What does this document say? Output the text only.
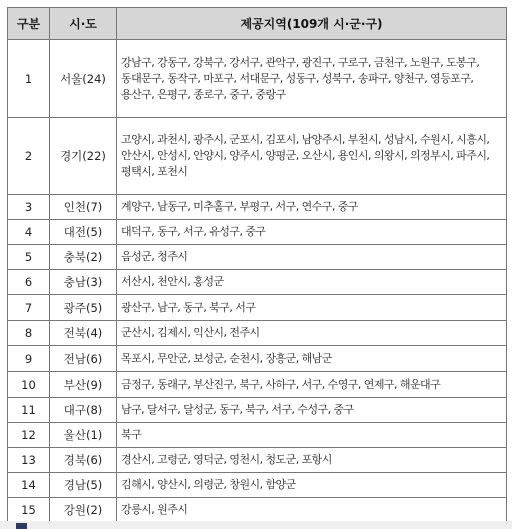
구분	시·도	제공지역(109개 시·군·구)
1	서울(24)	강남구, 강동구, 강북구, 강서구, 관악구, 광진구, 구로구, 금천구, 노원구, 도봉구, 동대문구, 동작구, 마포구, 서대문구, 성동구, 성북구, 송파구, 양천구, 영등포구, 용산구, 은평구, 종로구, 중구, 중랑구
2	경기(22)	고양시, 과천시, 광주시, 군포시, 김포시, 남양주시, 부천시, 성남시, 수원시, 시흥시, 안산시, 안성시, 안양시, 양주시, 양평군, 오산시, 용인시, 의왕시, 의정부시, 파주시, 평택시, 포천시
3	인천(7)	계양구, 남동구, 미추홀구, 부평구, 서구, 연수구, 중구
4	대전(5)	대덕구, 동구, 서구, 유성구, 중구
5	충북(2)	음성군, 청주시
6	충남(3)	서산시, 천안시, 홍성군
7	광주(5)	광산구, 남구, 동구, 북구, 서구
8	전북(4)	군산시, 김제시, 익산시, 전주시
9	전남(6)	목포시, 무안군, 보성군, 순천시, 장흥군, 해남군
10	부산(9)	금정구, 동래구, 부산진구, 북구, 사하구, 서구, 수영구, 연제구, 해운대구
11	대구(8)	남구, 달서구, 달성군, 동구, 북구, 서구, 수성구, 중구
12	울산(1)	북구
13	경북(6)	경산시, 고령군, 영덕군, 영천시, 청도군, 포항시
14	경남(5)	김해시, 양산시, 의령군, 창원시, 함양군
15	강원(2)	강릉시, 원주시
